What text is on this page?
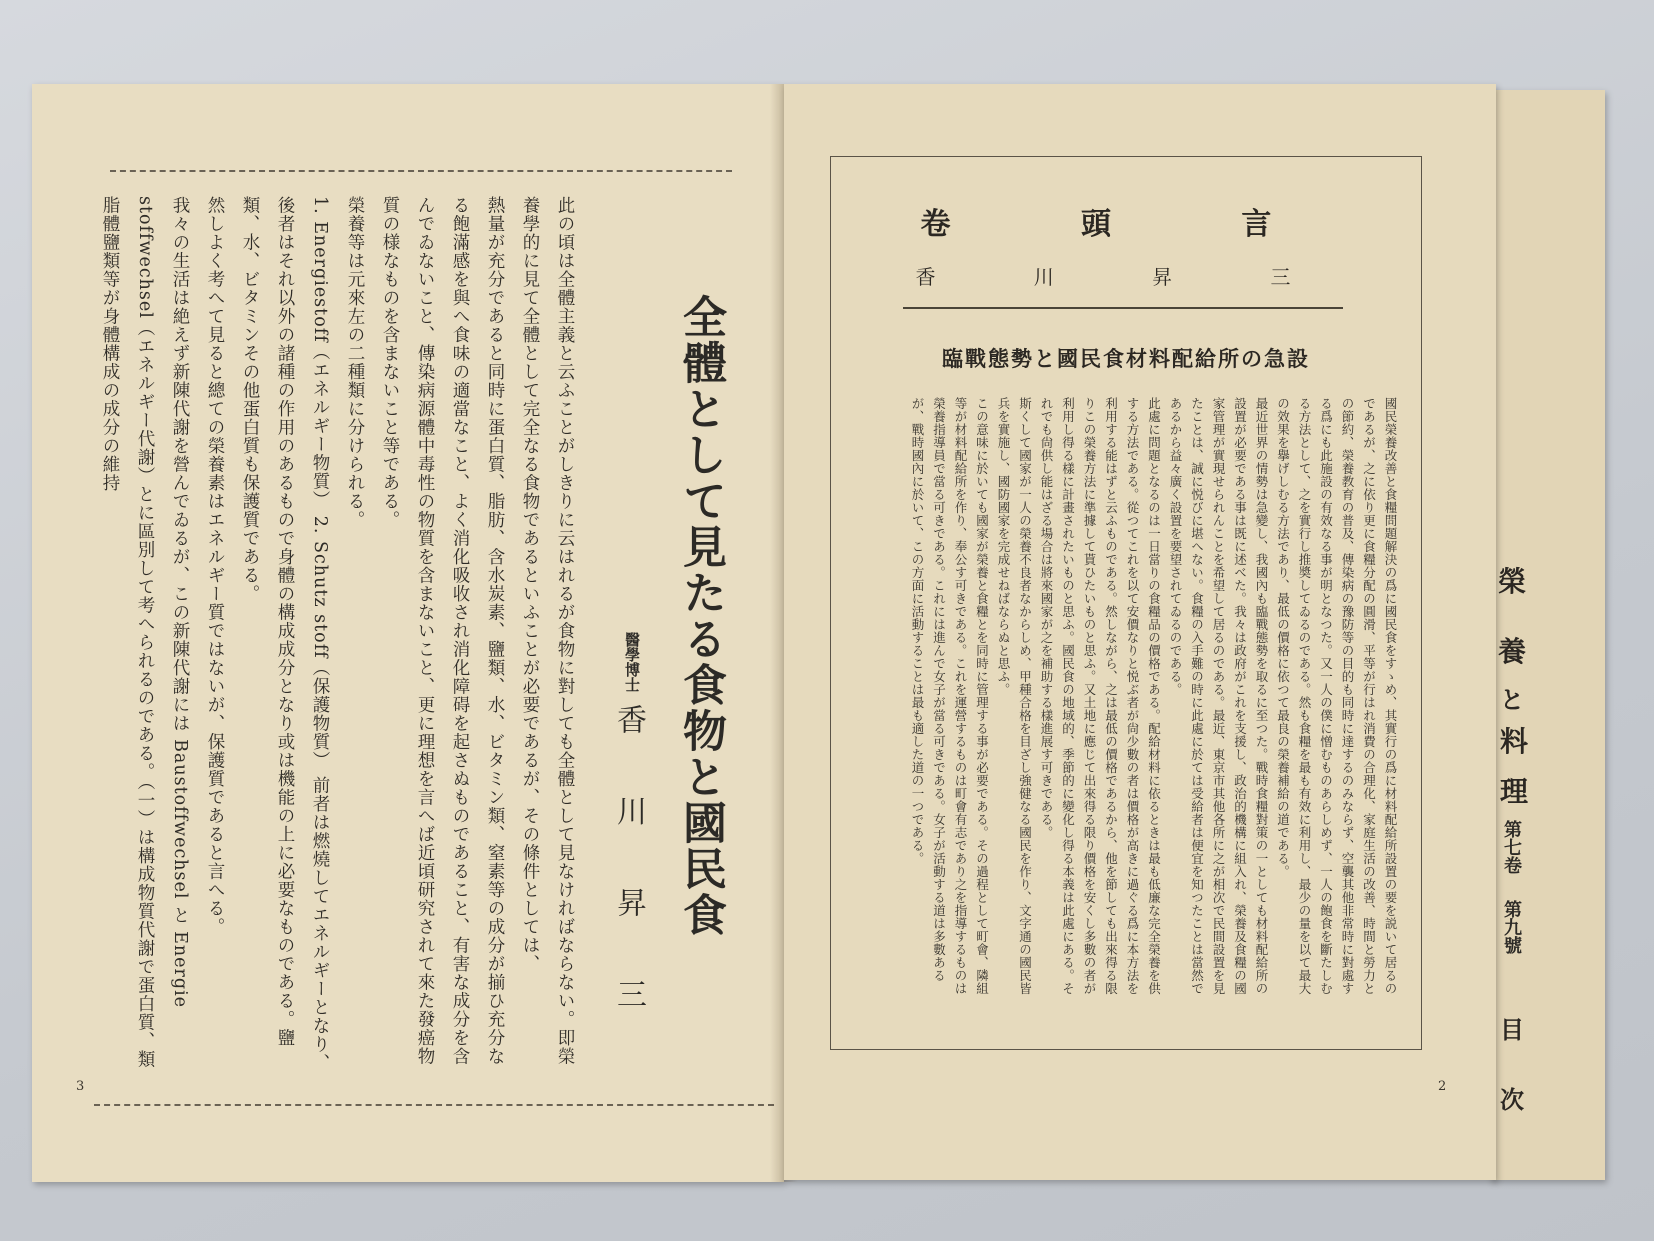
榮
養
と
料
理
第七卷
第九號
目
次
全體として見たる食物と國民食
醫學博士
香 川 昇 三

此の頃は全體主義と云ふことがしきりに云はれるが食物に對しても全體として見なければならない。即榮養學的に見て全體として完全なる食物であるといふことが必要であるが、その條件としては、

熱量が充分であると同時に蛋白質、脂肪、含水炭素、鹽類、水、ビタミン類、窒素等の成分が揃ひ充分なる飽滿感を與へ食味の適當なこと、よく消化吸收され消化障碍を起さぬものであること、有害な成分を含んでゐないこと、傳染病源體中毒性の物質を含まないこと、更に理想を言へば近頃研究されて來た發癌物質の様なものを含まないこと等である。

榮養等は元來左の二種類に分けられる。

1. Energiestoff（エネルギー物質） 2. Schutz stoff（保護物質） 前者は燃燒してエネルギーとなり、後者はそれ以外の諸種の作用のあるもので身體の構成成分となり或は機能の上に必要なものである。鹽類、水、ビタミンその他蛋白質も保護質である。

然しよく考へて見ると總ての榮養素はエネルギー質ではないが、保護質であると言へる。

我々の生活は絶えず新陳代謝を營んでゐるが、この新陳代謝には Baustoffwechsel と Energie stoffwechsel（エネルギー代謝）とに區別して考へられるのである。（一）は構成物質代謝で蛋白質、類脂體鹽類等が身體構成の成分の維持

3
卷 頭 言
香 川 昇 三
臨戰態勢と國民食材料配給所の急設

國民榮養改善と食糧問題解決の爲に國民食をすゝめ、其實行の爲に材料配給所設置の要を説いて居るのであるが、之に依り更に食糧分配の圓滑、平等が行はれ消費の合理化、家庭生活の改善、時間と勞力との節約、榮養教育の普及、傳染病の豫防等の目的も同時に達するのみならず、空襲其他非常時に對處する爲にも此施設の有效なる事が明となつた。又一人の僕に憎むものあらしめず、一人の飽食を斷たしむる方法として、之を實行し推奬してゐるのである。然も食糧を最も有效に利用し、最少の量を以て最大の效果を擧げしむる方法であり、最低の價格に依つて最良の榮養補給の道である。

最近世界の情勢は急變し、我國內も臨戰態勢を取るに至つた。戰時食糧對策の一としても材料配給所の設置が必要である事は既に述べた。我々は政府がこれを支援し、政治的機構に組入れ、榮養及食糧の國家管理が實現せられんことを希望して居るのである。最近、東京市其他各所に之が相次で民間設置を見たことは、誠に悦びに堪へない。食糧の入手難の時に此處に於ては受給者は便宜を知つたことは當然であるから益々廣く設置を要望されてゐるのである。

此處に問題となるのは一日當りの食糧品の價格である。配給材料に依るときは最も低廉な完全榮養を供する方法である。從つてこれを以て安價なりと悦ぶ者が尙少數の者は價格が高きに過ぐる爲に本方法を利用する能はずと云ふものである。然しながら、之は最低の價格であるから、他を節しても出來得る限りこの榮養方法に準據して貰ひたいものと思ふ。又土地に應じて出來得る限り價格を安くし多數の者が利用し得る樣に計畫されたいものと思ふ。國民食の地域的、季節的に變化し得る本義は此處にある。それでも尙供し能はざる場合は將來國家が之を補助する樣進展す可きである。

斯くして國家が一人の榮養不良者なからしめ、甲種合格を目ざし強健なる國民を作り、文字通の國民皆兵を實施し、國防國家を完成せねばならぬと思ふ。

この意味に於いても國家が榮養と食糧とを同時に管理する事が必要である。その過程として町會、隣組等が材料配給所を作り、奉公す可きである。これを運營するものは町會有志であり之を指導するものは榮養指導員で當る可きである。これには進んで女子が當る可きである。女子が活動する道は多數あるが、戰時國內に於いて、この方面に活動することは最も適した道の一つである。

2
